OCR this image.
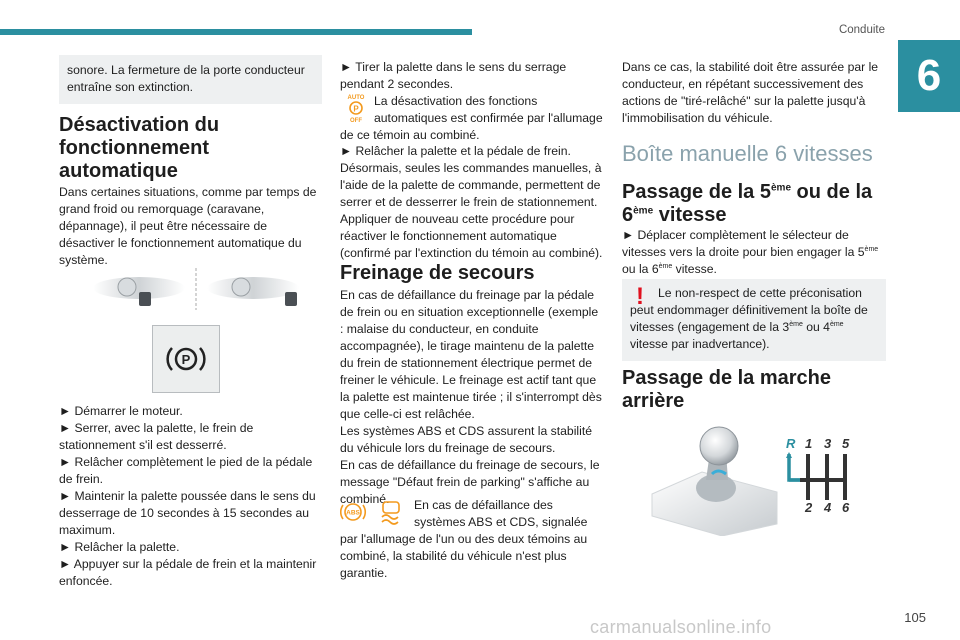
Conduite
6

sonore. La fermeture de la porte conducteur entraîne son extinction.

Désactivation du fonctionnement automatique

Dans certaines situations, comme par temps de grand froid ou remorquage (caravane, dépannage), il peut être nécessaire de désactiver le fonctionnement automatique du système.

P

► Démarrer le moteur.

► Serrer, avec la palette, le frein de stationnement s'il est desserré.

► Relâcher complètement le pied de la pédale de frein.

► Maintenir la palette poussée dans le sens du desserrage de 10 secondes à 15 secondes au maximum.

► Relâcher la palette.

► Appuyer sur la pédale de frein et la maintenir enfoncée.

► Tirer la palette dans le sens du serrage pendant 2 secondes.

AUTO
P
OFF

La désactivation des fonctions automatiques est confirmée par l'allumage de ce témoin au combiné.

► Relâcher la palette et la pédale de frein.

Désormais, seules les commandes manuelles, à l'aide de la palette de commande, permettent de serrer et de desserrer le frein de stationnement. Appliquer de nouveau cette procédure pour réactiver le fonctionnement automatique (confirmé par l'extinction du témoin au combiné).

Freinage de secours

En cas de défaillance du freinage par la pédale de frein ou en situation exceptionnelle (exemple : malaise du conducteur, en conduite accompagnée), le tirage maintenu de la palette du frein de stationnement électrique permet de freiner le véhicule. Le freinage est actif tant que la palette est maintenue tirée ; il s'interrompt dès que celle-ci est relâchée.

Les systèmes ABS et CDS assurent la stabilité du véhicule lors du freinage de secours.

En cas de défaillance du freinage de secours, le message "Défaut frein de parking" s'affiche au combiné.

ABS

En cas de défaillance des systèmes ABS et CDS, signalée par l'allumage de l'un ou des deux témoins au combiné, la stabilité du véhicule n'est plus garantie.

Dans ce cas, la stabilité doit être assurée par le conducteur, en répétant successivement des actions de "tiré-relâché" sur la palette jusqu'à l'immobilisation du véhicule.

Boîte manuelle 6 vitesses
Passage de la 5ème ou de la 6ème vitesse

► Déplacer complètement le sélecteur de vitesses vers la droite pour bien engager la 5ème ou la 6ème vitesse.

!	Le non-respect de cette préconisation peut endommager définitivement la boîte de vitesses (engagement de la 3ème ou 4ème vitesse par inadvertance).

Passage de la marche arrière
R 1 3 5
2 4 6
105
carmanualsonline.info
